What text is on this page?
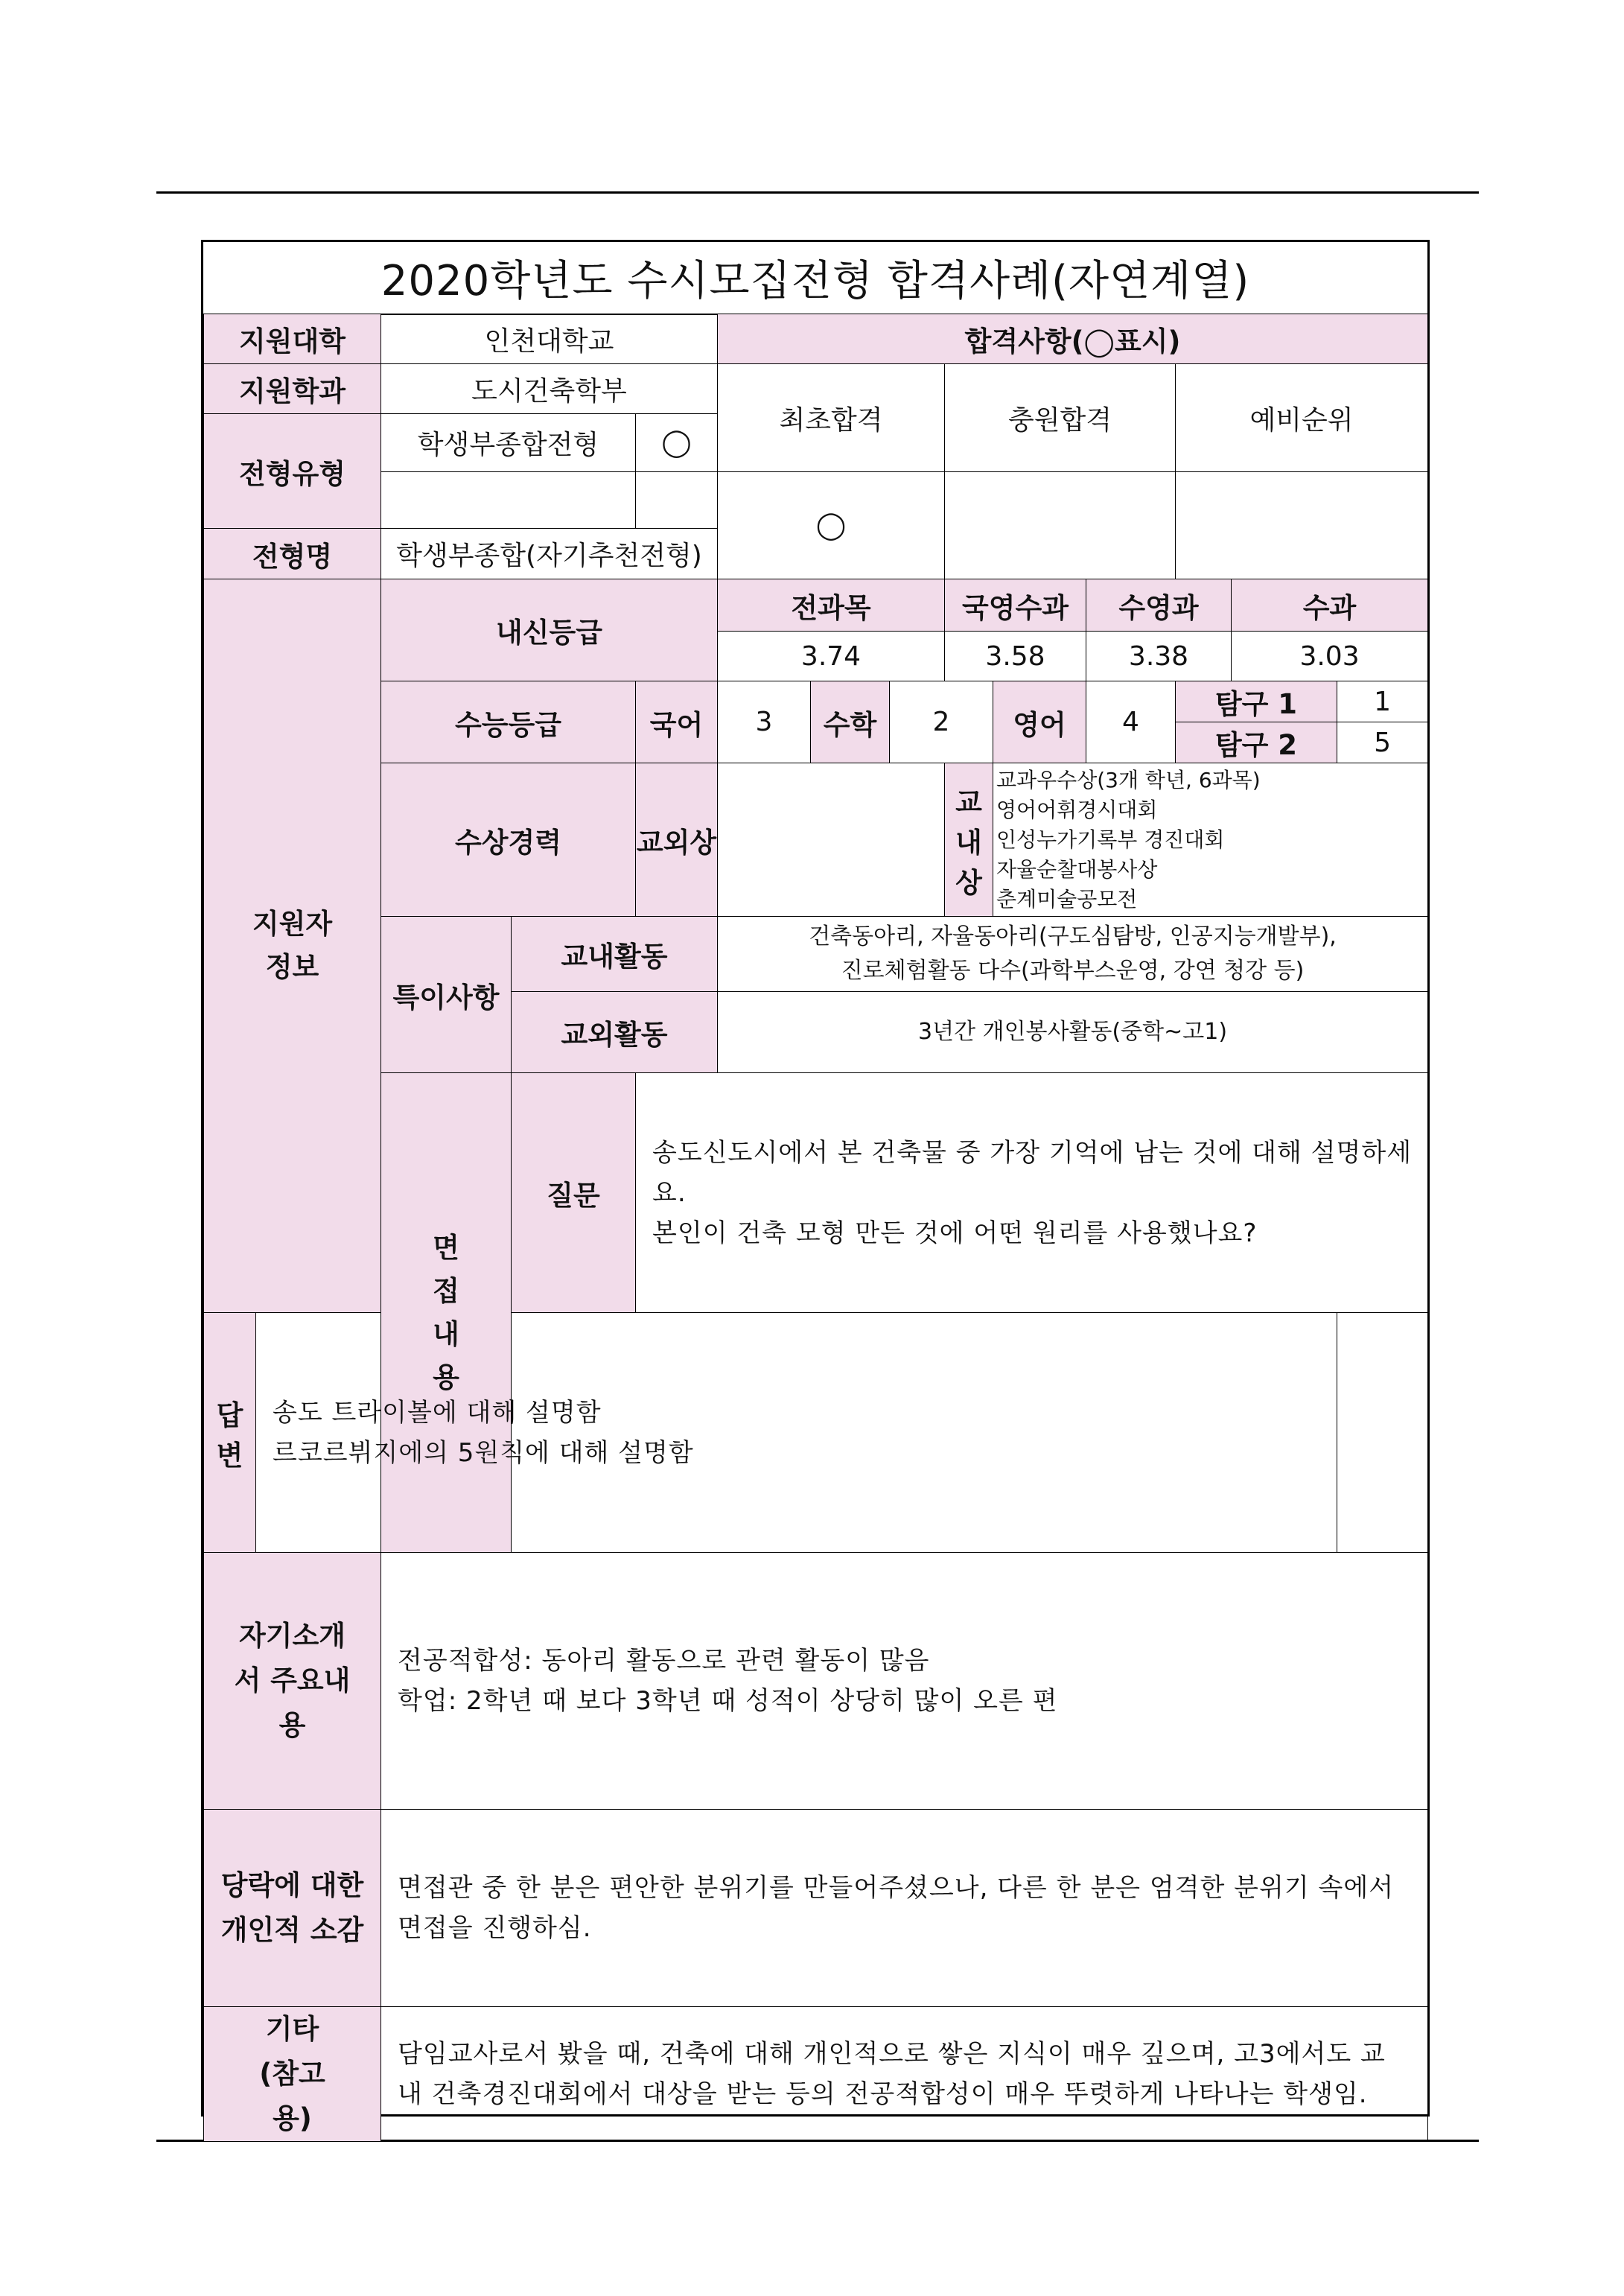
2020학년도 수시모집전형 합격사례(자연계열)
지원대학		인천대학교			합격사항(◯표시)								
지원학과		도시건축학부			최초합격			충원합격			예비순위		
전형유형		학생부종합전형		◯									
					◯								
전형명		학생부종합(자기추천전형)											
지원자 정보		내신등급			전과목			국영수과		수영과		수과	
					3.74			3.58		3.38		3.03	
		수능등급		국어	3	수학	2		영어	4	탐구 1		1
											탐구 2		5
		수상경력		교외상				교내상	교과우수상(3개 학년, 6과목)
영어어휘경시대회
인성누가기록부 경진대회
자율순찰대봉사상
춘계미술공모전				

		특이사항	교내활동		건축동아리, 자율동아리(구도심탐방, 인공지능개발부),
진로체험활동 다수(과학부스운영, 강연 청강 등)								

			교외활동		3년간 개인봉사활동(중학~고1)								
		면접 내용	질문	송도신도시에서 본 건축물 중 가장 기억에 남는 것에 대해 설명하세요.
본인이 건축 모형 만든 것에 어떤 원리를 사용했나요?									

답변	송도 트라이볼에 대해 설명함
르코르뷔지에의 5원칙에 대해 설명함												

자기소개서 주요내용		전공적합성: 동아리 활동으로 관련 활동이 많음
학업: 2학년 때 보다 3학년 때 성적이 상당히 많이 오른 편											

당락에 대한 개인적 소감		면접관 중 한 분은 편안한 분위기를 만들어주셨으나, 다른 한 분은 엄격한 분위기 속에서
면접을 진행하심.											

기타 (참고용)		담임교사로서 봤을 때, 건축에 대해 개인적으로 쌓은 지식이 매우 깊으며, 고3에서도 교
내 건축경진대회에서 대상을 받는 등의 전공적합성이 매우 뚜렷하게 나타나는 학생임.											
